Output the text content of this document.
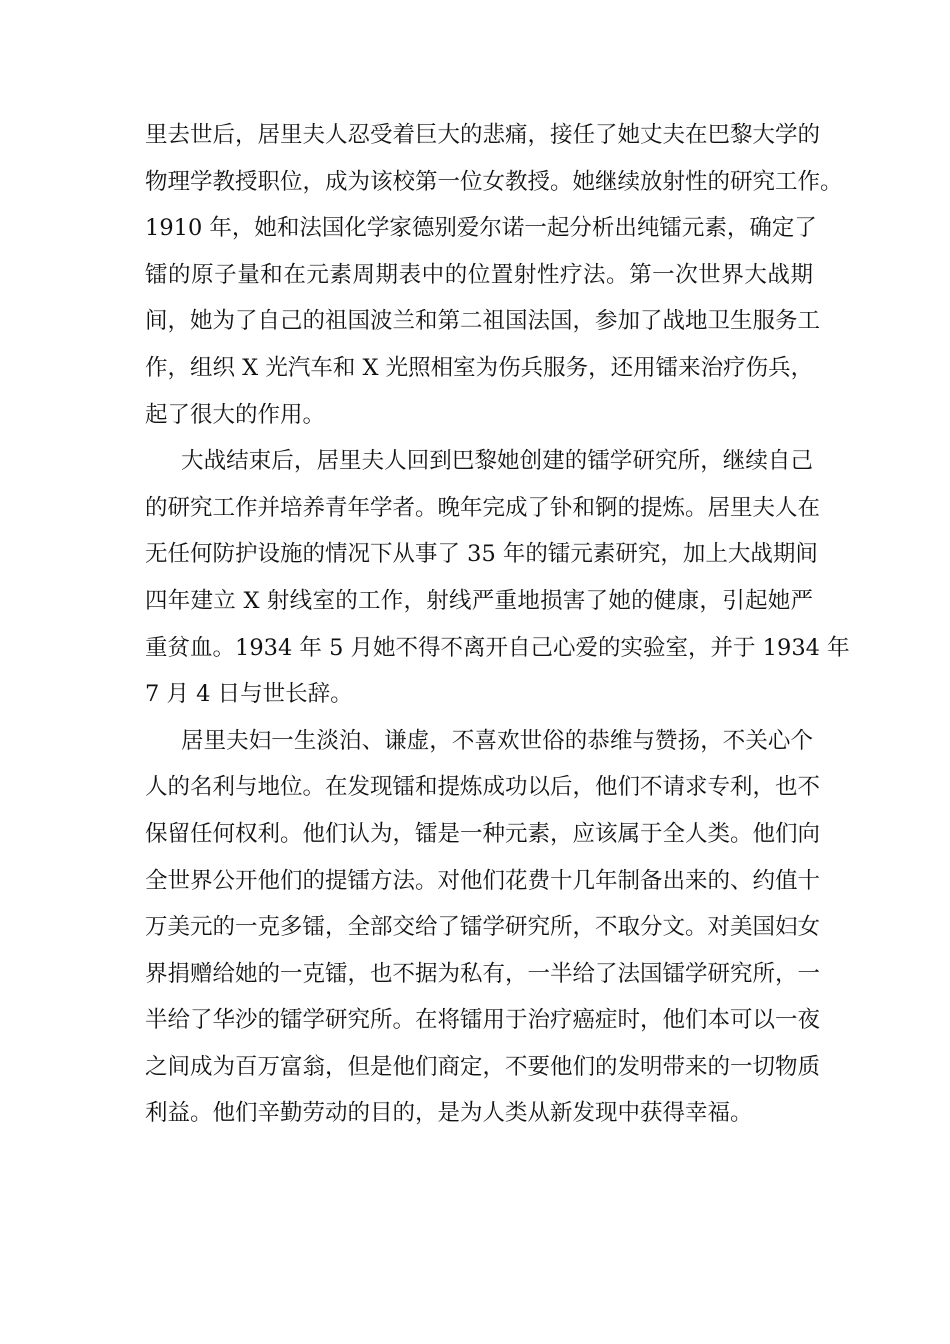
里去世后，居里夫人忍受着巨大的悲痛，接任了她丈夫在巴黎大学的
物理学教授职位，成为该校第一位女教授。她继续放射性的研究工作。
1910 年，她和法国化学家德别爱尔诺一起分析出纯镭元素，确定了
镭的原子量和在元素周期表中的位置射性疗法。第一次世界大战期
间，她为了自己的祖国波兰和第二祖国法国，参加了战地卫生服务工
作，组织 X 光汽车和 X 光照相室为伤兵服务，还用镭来治疗伤兵，
起了很大的作用。
大战结束后，居里夫人回到巴黎她创建的镭学研究所，继续自己
的研究工作并培养青年学者。晚年完成了钋和锕的提炼。居里夫人在
无任何防护设施的情况下从事了 35 年的镭元素研究，加上大战期间
四年建立 X 射线室的工作，射线严重地损害了她的健康，引起她严
重贫血。1934 年 5 月她不得不离开自己心爱的实验室，并于 1934 年
7 月 4 日与世长辞。
居里夫妇一生淡泊、谦虚，不喜欢世俗的恭维与赞扬，不关心个
人的名利与地位。在发现镭和提炼成功以后，他们不请求专利，也不
保留任何权利。他们认为，镭是一种元素，应该属于全人类。他们向
全世界公开他们的提镭方法。对他们花费十几年制备出来的、约值十
万美元的一克多镭，全部交给了镭学研究所，不取分文。对美国妇女
界捐赠给她的一克镭，也不据为私有，一半给了法国镭学研究所，一
半给了华沙的镭学研究所。在将镭用于治疗癌症时，他们本可以一夜
之间成为百万富翁，但是他们商定，不要他们的发明带来的一切物质
利益。他们辛勤劳动的目的，是为人类从新发现中获得幸福。
